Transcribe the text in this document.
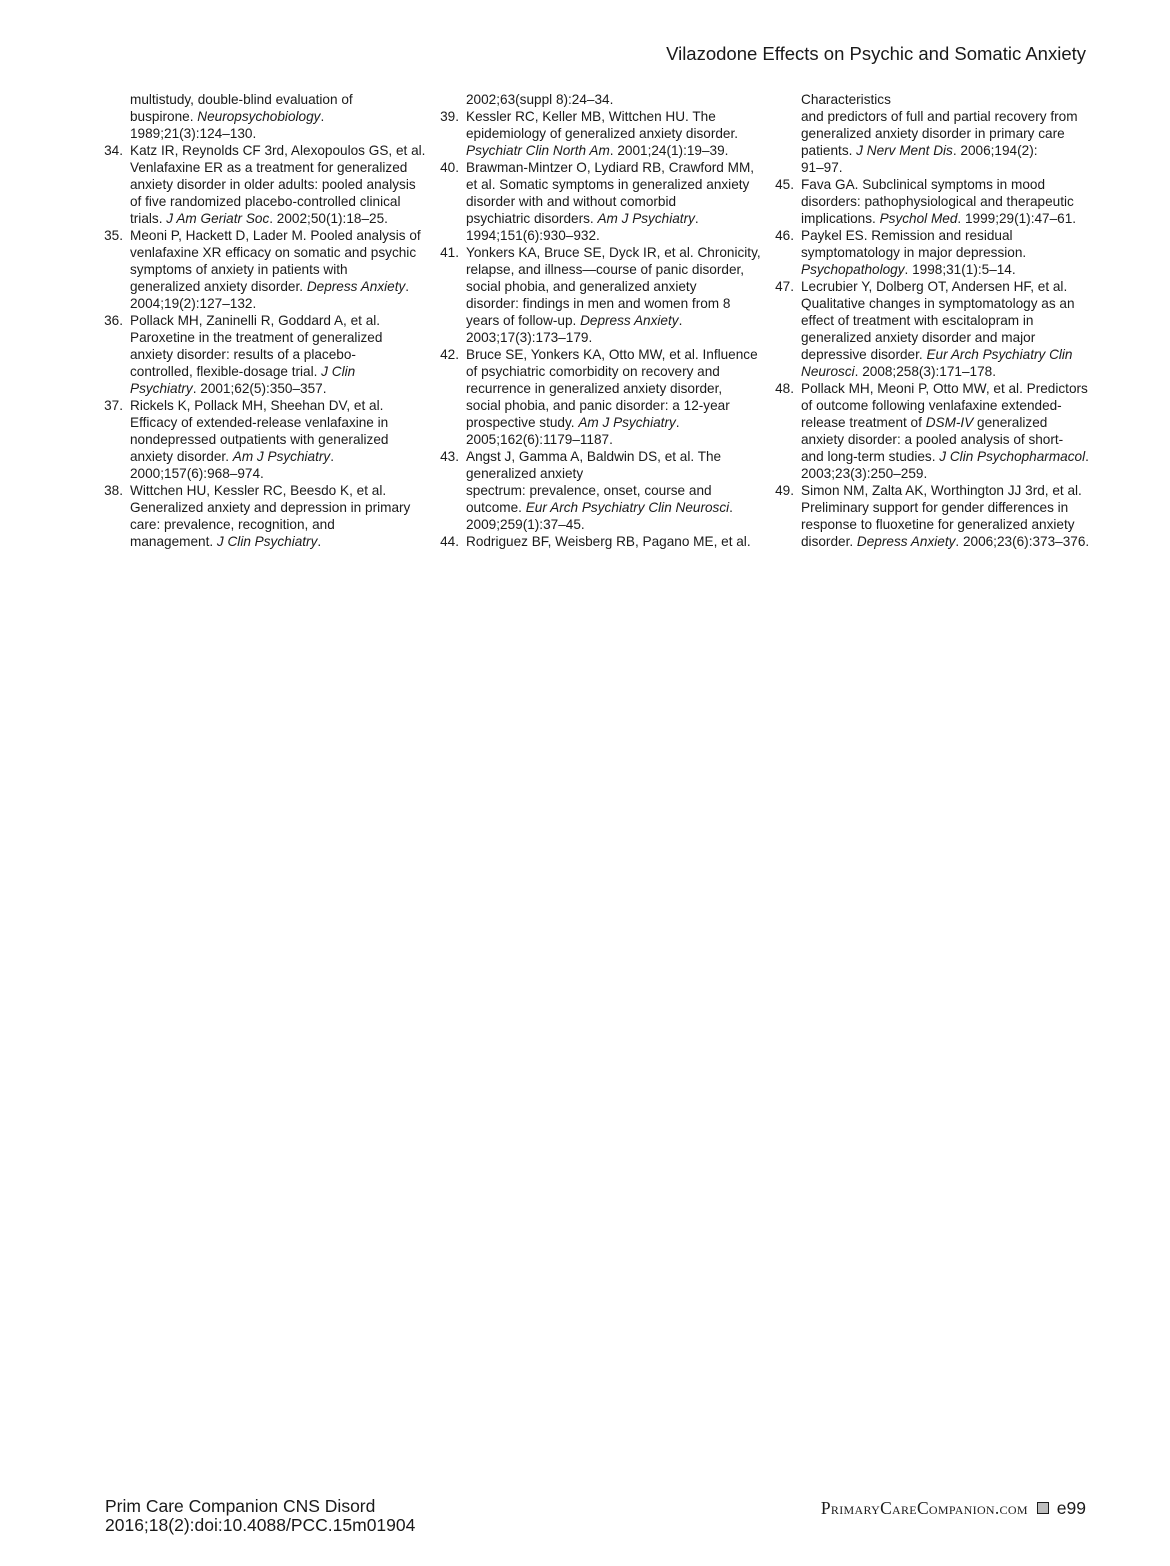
Vilazodone Effects on Psychic and Somatic Anxiety
multistudy, double-blind evaluation of
buspirone. Neuropsychobiology.
1989;21(3):124–130.
34. Katz IR, Reynolds CF 3rd, Alexopoulos GS, et al.
Venlafaxine ER as a treatment for generalized
anxiety disorder in older adults: pooled analysis
of five randomized placebo-controlled clinical
trials. J Am Geriatr Soc. 2002;50(1):18–25.
35. Meoni P, Hackett D, Lader M. Pooled analysis of
venlafaxine XR efficacy on somatic and psychic
symptoms of anxiety in patients with
generalized anxiety disorder. Depress Anxiety.
2004;19(2):127–132.
36. Pollack MH, Zaninelli R, Goddard A, et al.
Paroxetine in the treatment of generalized
anxiety disorder: results of a placebo-
controlled, flexible-dosage trial. J Clin
Psychiatry. 2001;62(5):350–357.
37. Rickels K, Pollack MH, Sheehan DV, et al.
Efficacy of extended-release venlafaxine in
nondepressed outpatients with generalized
anxiety disorder. Am J Psychiatry.
2000;157(6):968–974.
38. Wittchen HU, Kessler RC, Beesdo K, et al.
Generalized anxiety and depression in primary
care: prevalence, recognition, and
management. J Clin Psychiatry.
2002;63(suppl 8):24–34.
39. Kessler RC, Keller MB, Wittchen HU. The
epidemiology of generalized anxiety disorder.
Psychiatr Clin North Am. 2001;24(1):19–39.
40. Brawman-Mintzer O, Lydiard RB, Crawford MM,
et al. Somatic symptoms in generalized anxiety
disorder with and without comorbid
psychiatric disorders. Am J Psychiatry.
1994;151(6):930–932.
41. Yonkers KA, Bruce SE, Dyck IR, et al. Chronicity,
relapse, and illness—course of panic disorder,
social phobia, and generalized anxiety
disorder: findings in men and women from 8
years of follow-up. Depress Anxiety.
2003;17(3):173–179.
42. Bruce SE, Yonkers KA, Otto MW, et al. Influence
of psychiatric comorbidity on recovery and
recurrence in generalized anxiety disorder,
social phobia, and panic disorder: a 12-year
prospective study. Am J Psychiatry.
2005;162(6):1179–1187.
43. Angst J, Gamma A, Baldwin DS, et al. The
generalized anxiety
spectrum: prevalence, onset, course and
outcome. Eur Arch Psychiatry Clin Neurosci.
2009;259(1):37–45.
44. Rodriguez BF, Weisberg RB, Pagano ME, et al.
Characteristics
and predictors of full and partial recovery from
generalized anxiety disorder in primary care
patients. J Nerv Ment Dis. 2006;194(2):
91–97.
45. Fava GA. Subclinical symptoms in mood
disorders: pathophysiological and therapeutic
implications. Psychol Med. 1999;29(1):47–61.
46. Paykel ES. Remission and residual
symptomatology in major depression.
Psychopathology. 1998;31(1):5–14.
47. Lecrubier Y, Dolberg OT, Andersen HF, et al.
Qualitative changes in symptomatology as an
effect of treatment with escitalopram in
generalized anxiety disorder and major
depressive disorder. Eur Arch Psychiatry Clin
Neurosci. 2008;258(3):171–178.
48. Pollack MH, Meoni P, Otto MW, et al. Predictors
of outcome following venlafaxine extended-
release treatment of DSM-IV generalized
anxiety disorder: a pooled analysis of short-
and long-term studies. J Clin Psychopharmacol.
2003;23(3):250–259.
49. Simon NM, Zalta AK, Worthington JJ 3rd, et al.
Preliminary support for gender differences in
response to fluoxetine for generalized anxiety
disorder. Depress Anxiety. 2006;23(6):373–376.
Prim Care Companion CNS Disord
2016;18(2):doi:10.4088/PCC.15m01904
PrimaryCareCompanion.com e99
